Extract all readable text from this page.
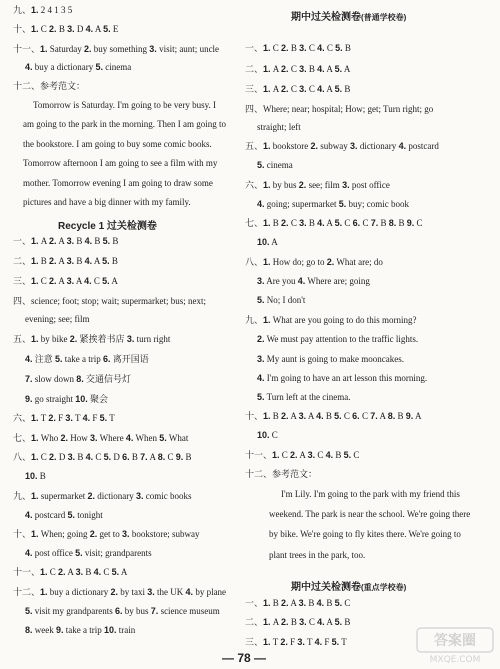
九、1. 2 4 1 3 5
十、1. C 2. B 3. D 4. A 5. E
十一、1. Saturday 2. buy something 3. visit; aunt; uncle
4. buy a dictionary 5. cinema
十二、参考范文：
Tomorrow is Saturday. I'm going to be very busy. I
am going to the park in the morning. Then I am going to
the bookstore. I am going to buy some comic books.
Tomorrow afternoon I am going to see a film with my
mother. Tomorrow evening I am going to draw some
pictures and have a big dinner with my family.
一、1. A 2. A 3. B 4. B 5. B
二、1. B 2. A 3. B 4. A 5. B
三、1. C 2. A 3. A 4. C 5. A
四、science; foot; stop; wait; supermarket; bus; next;
evening; see; film
五、1. by bike 2. 紧挨着书店 3. turn right
4. 注意 5. take a trip 6. 离开国语
7. slow down 8. 交通信号灯
9. go straight 10. 聚会
六、1. T 2. F 3. T 4. F 5. T
七、1. Who 2. How 3. Where 4. When 5. What
八、1. C 2. D 3. B 4. C 5. D 6. B 7. A 8. C 9. B
10. B
九、1. supermarket 2. dictionary 3. comic books
4. postcard 5. tonight
十、1. When; going 2. get to 3. bookstore; subway
4. post office 5. visit; grandparents
十一、1. C 2. A 3. B 4. C 5. A
十二、1. buy a dictionary 2. by taxi 3. the UK 4. by plane
5. visit my grandparents 6. by bus 7. science museum
8. week 9. take a trip 10. train
一、1. C 2. B 3. C 4. C 5. B
二、1. A 2. C 3. B 4. A 5. A
三、1. A 2. C 3. C 4. A 5. B
四、Where; near; hospital; How; get; Turn right; go
straight; left
五、1. bookstore 2. subway 3. dictionary 4. postcard
5. cinema
六、1. by bus 2. see; film 3. post office
4. going; supermarket 5. buy; comic book
七、1. B 2. C 3. B 4. A 5. C 6. C 7. B 8. B 9. C
10. A
八、1. How do; go to 2. What are; do
3. Are you 4. Where are; going
5. No; I don't
九、1. What are you going to do this morning?
2. We must pay attention to the traffic lights.
3. My aunt is going to make mooncakes.
4. I'm going to have an art lesson this morning.
5. Turn left at the cinema.
十、1. B 2. A 3. A 4. B 5. C 6. C 7. A 8. B 9. A
10. C
十一、1. C 2. A 3. C 4. B 5. C
十二、参考范文：
I'm Lily. I'm going to the park with my friend this
weekend. The park is near the school. We're going there
by bike. We're going to fly kites there. We're going to
plant trees in the park, too.
一、1. B 2. A 3. B 4. B 5. C
二、1. A 2. B 3. C 4. A 5. B
三、1. T 2. F 3. T 4. F 5. T
Recycle 1 过关检测卷
期中过关检测卷(普通学校卷)
期中过关检测卷(重点学校卷)
— 78 —
答案圈
MXQE.COM
